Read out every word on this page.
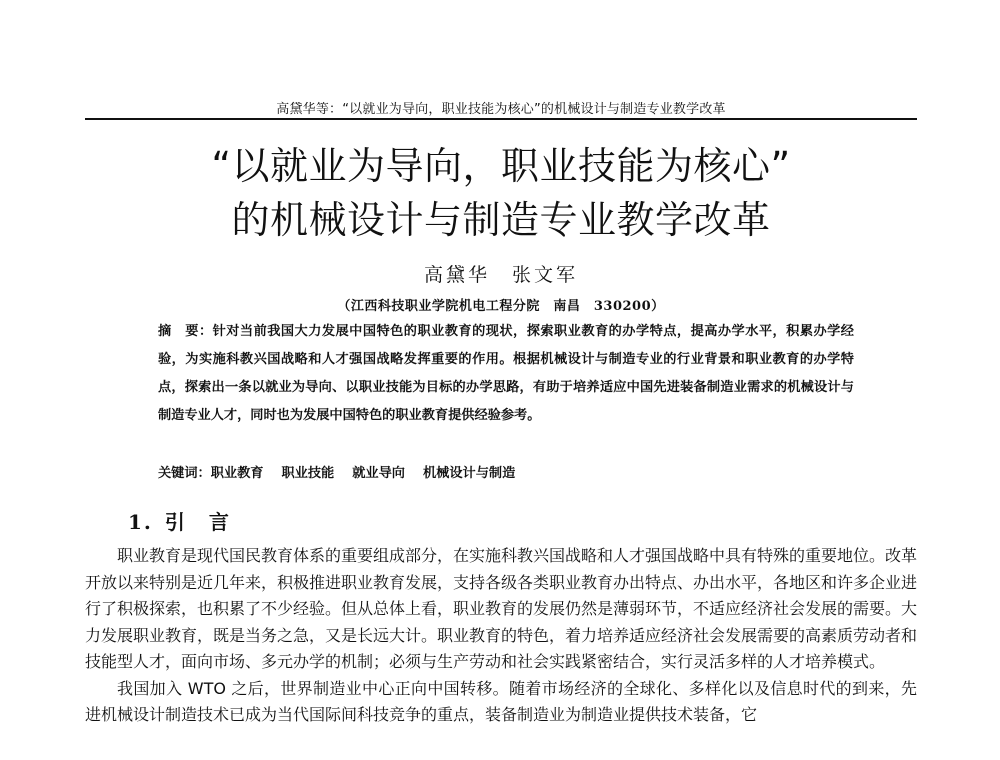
高黛华等：“以就业为导向，职业技能为核心”的机械设计与制造专业教学改革
“以就业为导向，职业技能为核心”
的机械设计与制造专业教学改革
高黛华 张文军
（江西科技职业学院机电工程分院　南昌　330200）

摘　要：针对当前我国大力发展中国特色的职业教育的现状，探索职业教育的办学特点，提高办学水平，积累办学经验，为实施科教兴国战略和人才强国战略发挥重要的作用。根据机械设计与制造专业的行业背景和职业教育的办学特点，探索出一条以就业为导向、以职业技能为目标的办学思路，有助于培养适应中国先进装备制造业需求的机械设计与制造专业人才，同时也为发展中国特色的职业教育提供经验参考。

关键词：职业教育 职业技能 就业导向 机械设计与制造
1. 引　言

职业教育是现代国民教育体系的重要组成部分，在实施科教兴国战略和人才强国战略中具有特殊的重要地位。改革开放以来特别是近几年来，积极推进职业教育发展，支持各级各类职业教育办出特点、办出水平，各地区和许多企业进行了积极探索，也积累了不少经验。但从总体上看，职业教育的发展仍然是薄弱环节，不适应经济社会发展的需要。大力发展职业教育，既是当务之急，又是长远大计。职业教育的特色，着力培养适应经济社会发展需要的高素质劳动者和技能型人才，面向市场、多元办学的机制；必须与生产劳动和社会实践紧密结合，实行灵活多样的人才培养模式。

我国加入 WTO 之后，世界制造业中心正向中国转移。随着市场经济的全球化、多样化以及信息时代的到来，先进机械设计制造技术已成为当代国际间科技竞争的重点，装备制造业为制造业提供技术装备，它
